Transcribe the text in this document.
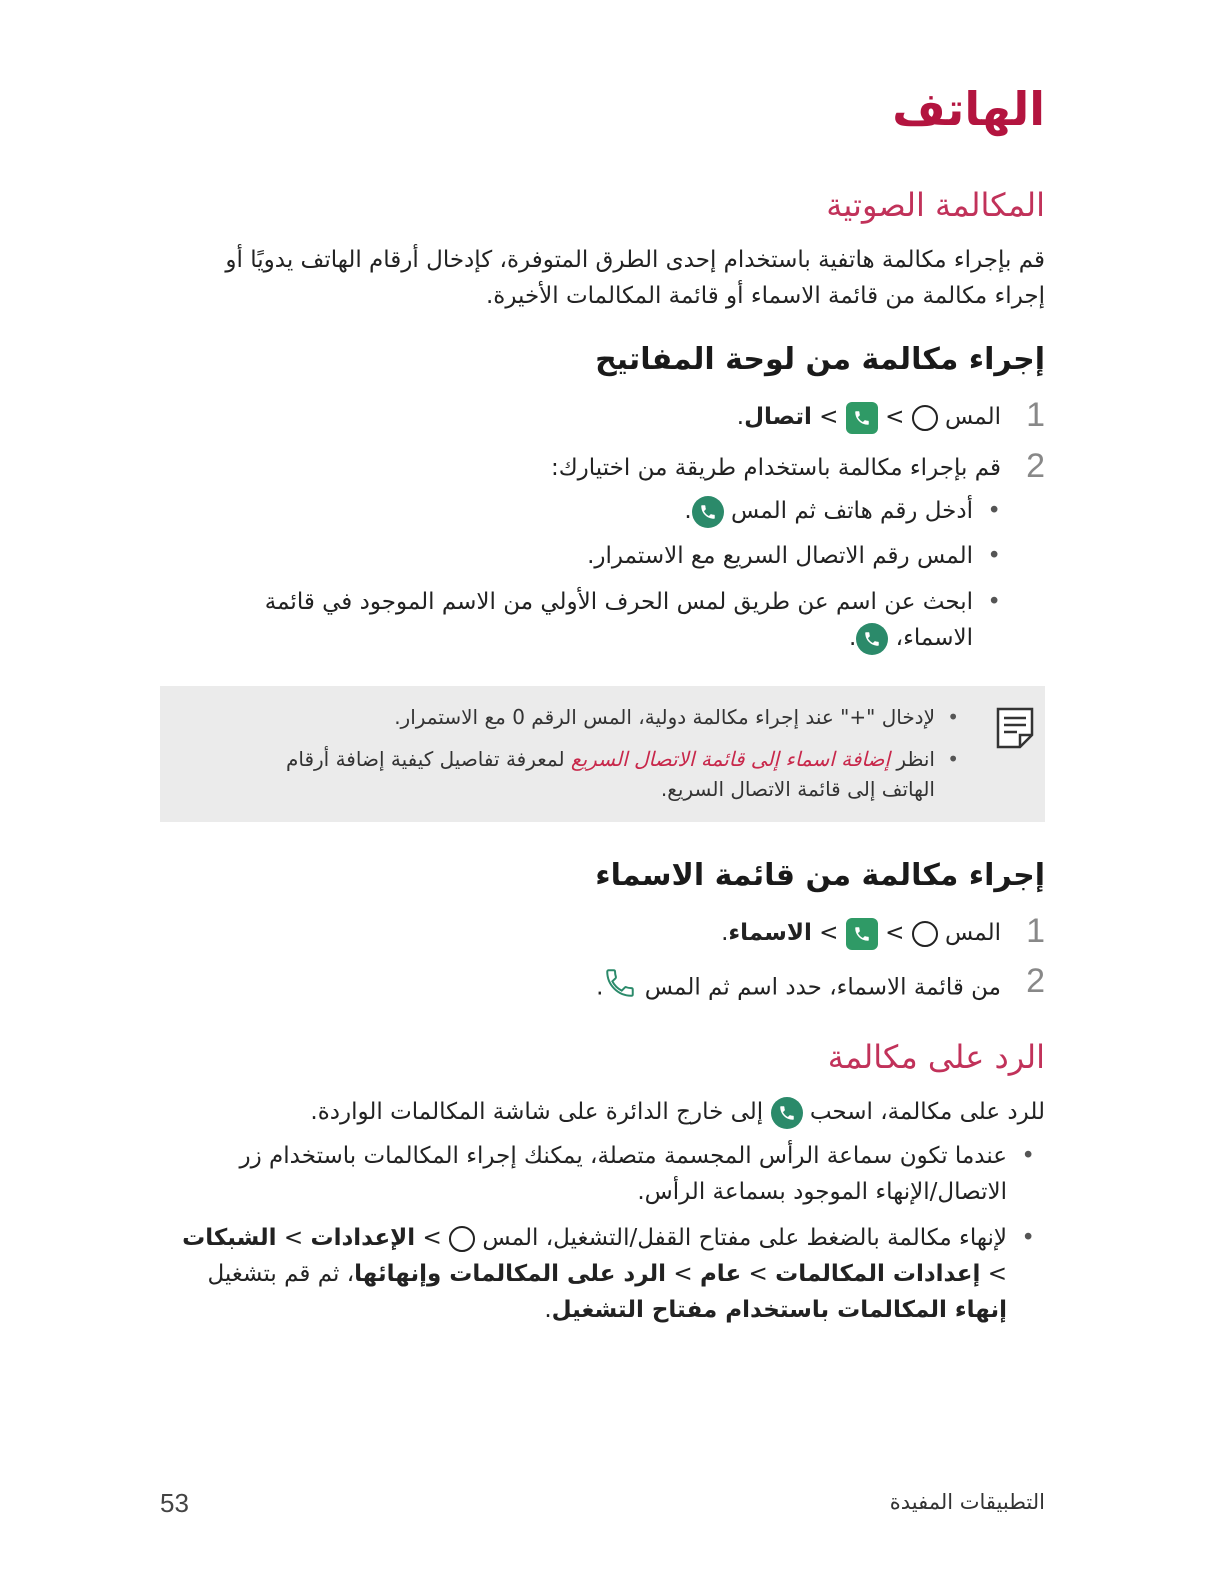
الهاتف
المكالمة الصوتية

قم بإجراء مكالمة هاتفية باستخدام إحدى الطرق المتوفرة، كإدخال أرقام الهاتف يدويًا أو
إجراء مكالمة من قائمة الاسماء أو قائمة المكالمات الأخيرة.

إجراء مكالمة من لوحة المفاتيح
1
المس  >
> اتصال.
2
قم بإجراء مكالمة باستخدام طريقة من اختيارك:
•
أدخل رقم هاتف ثم المس
.
•
المس رقم الاتصال السريع مع الاستمرار.
•
ابحث عن اسم عن طريق لمس الحرف الأولي من الاسم الموجود في قائمة
الاسماء،
.
•
لإدخال "+" عند إجراء مكالمة دولية، المس الرقم 0 مع الاستمرار.
•
انظر إضافة اسماء إلى قائمة الاتصال السريع لمعرفة تفاصيل كيفية إضافة أرقام
الهاتف إلى قائمة الاتصال السريع.
إجراء مكالمة من قائمة الاسماء
1
المس  >
> الاسماء.
2
من قائمة الاسماء، حدد اسم ثم المس .
الرد على مكالمة

للرد على مكالمة، اسحب
إلى خارج الدائرة على شاشة المكالمات الواردة.

•
عندما تكون سماعة الرأس المجسمة متصلة، يمكنك إجراء المكالمات باستخدام زر
الاتصال/الإنهاء الموجود بسماعة الرأس.
•
لإنهاء مكالمة بالضغط على مفتاح القفل/التشغيل، المس  > الإعدادات > الشبكات > إعدادات المكالمات > عام > الرد على المكالمات وإنهائها، ثم قم بتشغيل إنهاء المكالمات باستخدام مفتاح التشغيل.
53	التطبيقات المفيدة
